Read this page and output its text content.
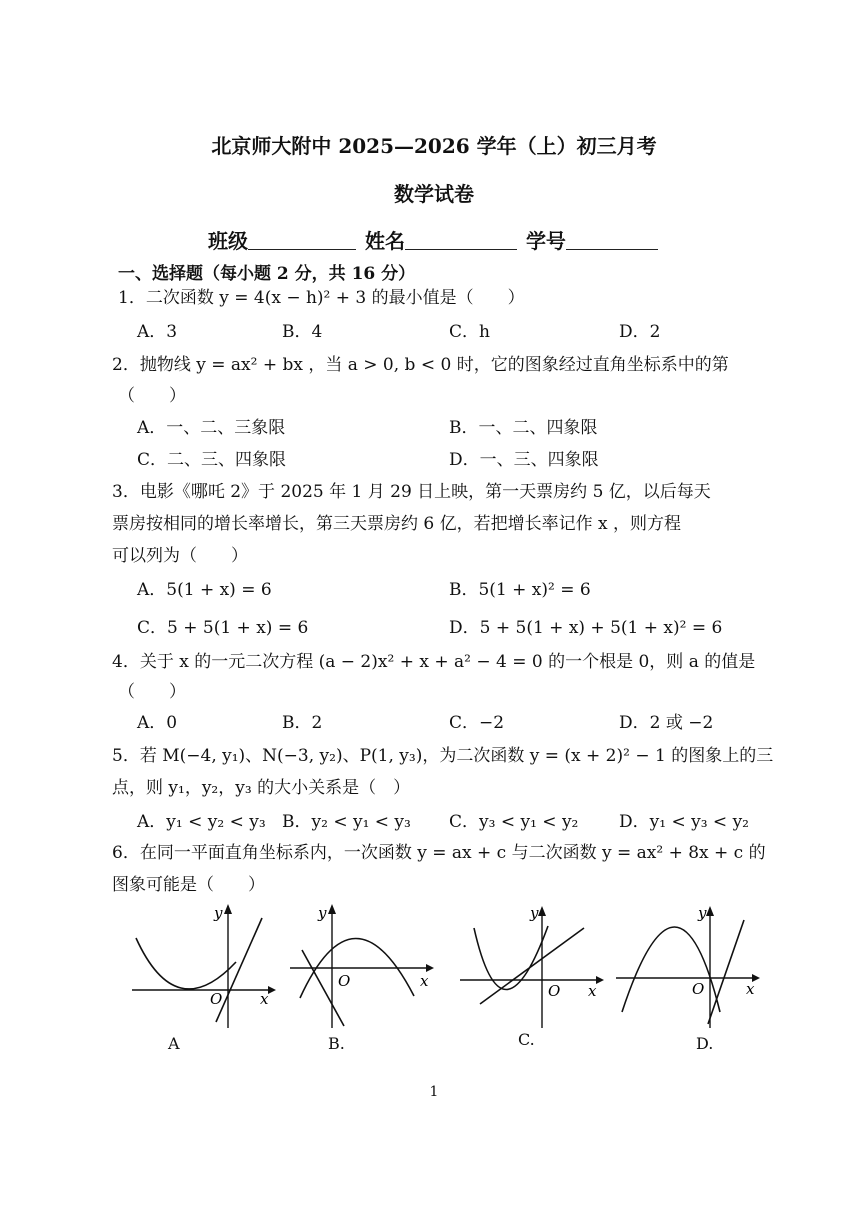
北京师大附中 2025—2026 学年（上）初三月考
数学试卷
班级	姓名	学号
一、选择题（每小题 2 分，共 16 分）
1．二次函数 y = 4(x − h)² + 3 的最小值是（　　）
A．3	B．4	C．h	D．2
2．抛物线 y = ax² + bx ，当 a > 0, b < 0 时，它的图象经过直角坐标系中的第
（　　）
A．一、二、三象限	B．一、二、四象限
C．二、三、四象限	D．一、三、四象限
3．电影《哪吒 2》于 2025 年 1 月 29 日上映，第一天票房约 5 亿，以后每天
票房按相同的增长率增长，第三天票房约 6 亿，若把增长率记作 x ，则方程
可以列为（　　）
A．5(1 + x) = 6	B．5(1 + x)² = 6
C．5 + 5(1 + x) = 6	D．5 + 5(1 + x) + 5(1 + x)² = 6
4．关于 x 的一元二次方程 (a − 2)x² + x + a² − 4 = 0 的一个根是 0，则 a 的值是
（　　）
A．0	B．2	C．−2	D．2 或 −2
5．若 M(−4, y₁)、N(−3, y₂)、P(1, y₃)，为二次函数 y = (x + 2)² − 1 的图象上的三
点，则 y₁，y₂，y₃ 的大小关系是（　）
A．y₁ < y₂ < y₃ B．y₂ < y₁ < y₃ C．y₃ < y₁ < y₂ D．y₁ < y₃ < y₂
6．在同一平面直角坐标系内，一次函数 y = ax + c 与二次函数 y = ax² + 8x + c 的
图象可能是（　　）
O	x
y
A
O	x
y
B.
O x
y
C.
O	x
y
D.
1
